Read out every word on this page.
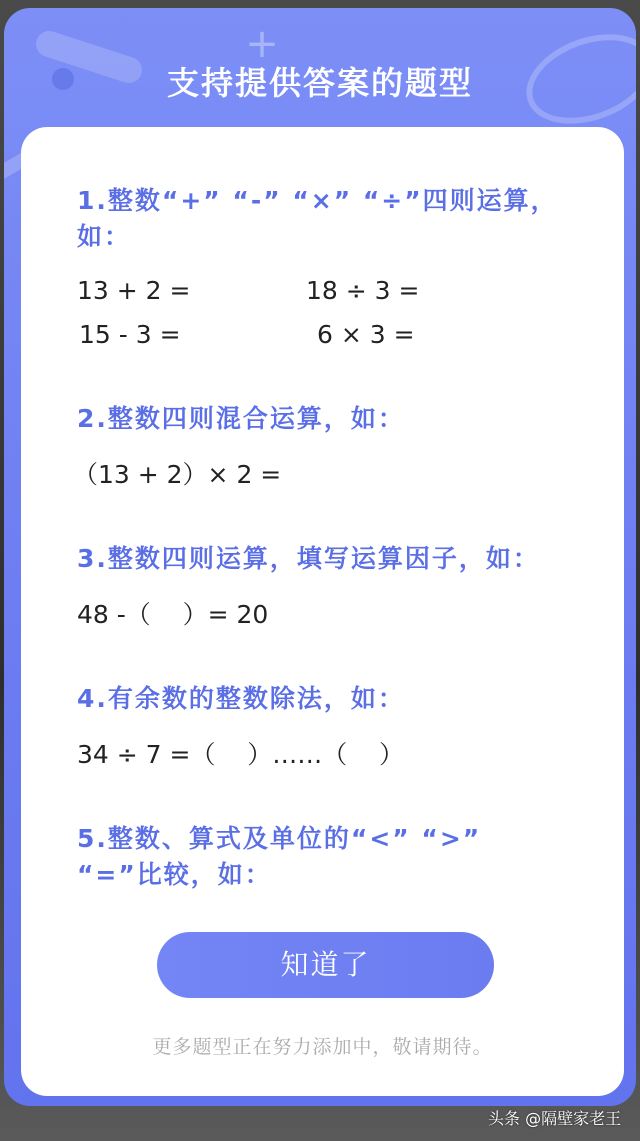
+
支持提供答案的题型
1.整数“+” “-” “×” “÷”四则运算，如：
13 + 2 =	18 ÷ 3 =
15 - 3 =	6 × 3 =
2.整数四则混合运算，如：
（13 + 2）× 2 =
3.整数四则运算，填写运算因子，如：
48 -（    ）= 20
4.有余数的整数除法，如：
34 ÷ 7 =（    ）……（    ）
5.整数、算式及单位的“<” “>” “=”比较，如：
知道了
更多题型正在努力添加中，敬请期待。
头条 @隔壁家老王
